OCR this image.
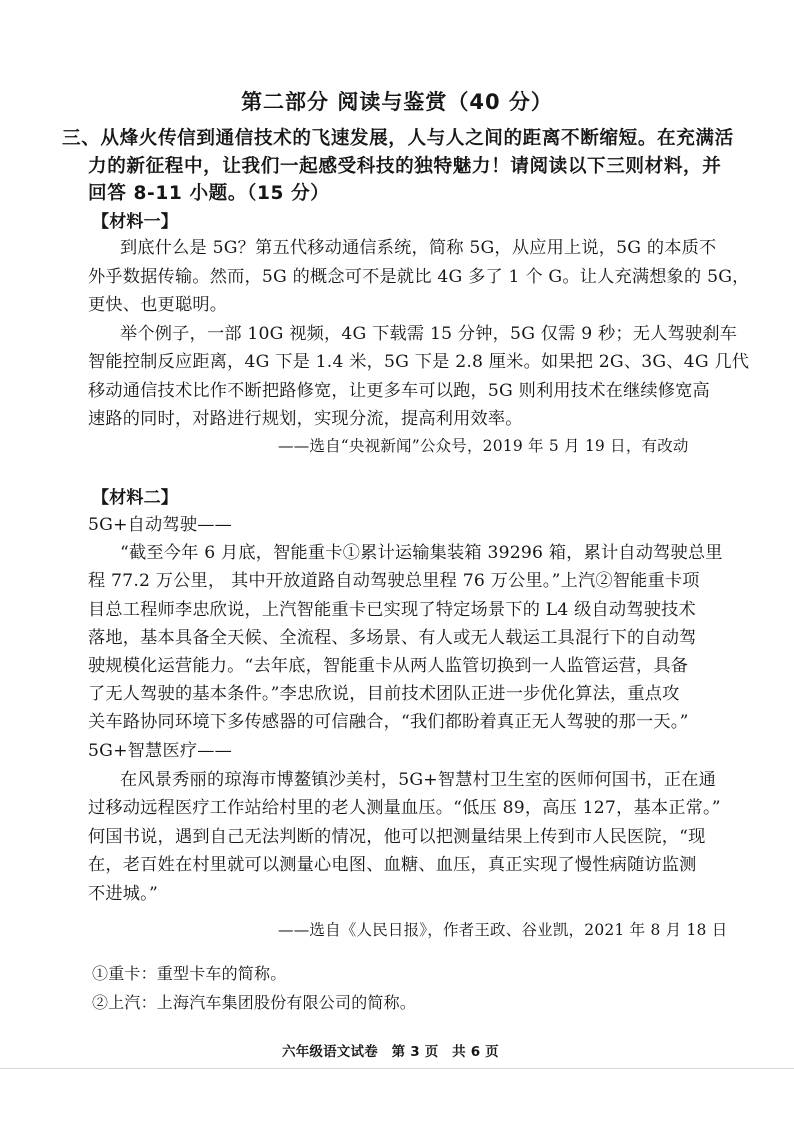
第二部分 阅读与鉴赏（40 分）
三、从烽火传信到通信技术的飞速发展，人与人之间的距离不断缩短。在充满活
力的新征程中，让我们一起感受科技的独特魅力！请阅读以下三则材料，并
回答 8-11 小题。（15 分）
【材料一】
到底什么是 5G？第五代移动通信系统，简称 5G，从应用上说，5G 的本质不
外乎数据传输。然而，5G 的概念可不是就比 4G 多了 1 个 G。让人充满想象的 5G，
更快、也更聪明。
举个例子，一部 10G 视频，4G 下载需 15 分钟，5G 仅需 9 秒；无人驾驶刹车
智能控制反应距离，4G 下是 1.4 米，5G 下是 2.8 厘米。如果把 2G、3G、4G 几代
移动通信技术比作不断把路修宽，让更多车可以跑，5G 则利用技术在继续修宽高
速路的同时，对路进行规划，实现分流，提高利用效率。
——选自“央视新闻”公众号，2019 年 5 月 19 日，有改动
【材料二】
5G+自动驾驶——
“截至今年 6 月底，智能重卡①累计运输集装箱 39296 箱，累计自动驾驶总里
程 77.2 万公里， 其中开放道路自动驾驶总里程 76 万公里。”上汽②智能重卡项
目总工程师李忠欣说，上汽智能重卡已实现了特定场景下的 L4 级自动驾驶技术
落地，基本具备全天候、全流程、多场景、有人或无人载运工具混行下的自动驾
驶规模化运营能力。“去年底，智能重卡从两人监管切换到一人监管运营，具备
了无人驾驶的基本条件。”李忠欣说，目前技术团队正进一步优化算法，重点攻
关车路协同环境下多传感器的可信融合，“我们都盼着真正无人驾驶的那一天。”
5G+智慧医疗——
在风景秀丽的琼海市博鳌镇沙美村，5G+智慧村卫生室的医师何国书，正在通
过移动远程医疗工作站给村里的老人测量血压。“低压 89，高压 127，基本正常。”
何国书说，遇到自己无法判断的情况，他可以把测量结果上传到市人民医院，“现
在，老百姓在村里就可以测量心电图、血糖、血压，真正实现了慢性病随访监测
不进城。”
——选自《人民日报》，作者王政、谷业凯，2021 年 8 月 18 日
①重卡：重型卡车的简称。
②上汽：上海汽车集团股份有限公司的简称。
六年级语文试卷　第 3 页　共 6 页
